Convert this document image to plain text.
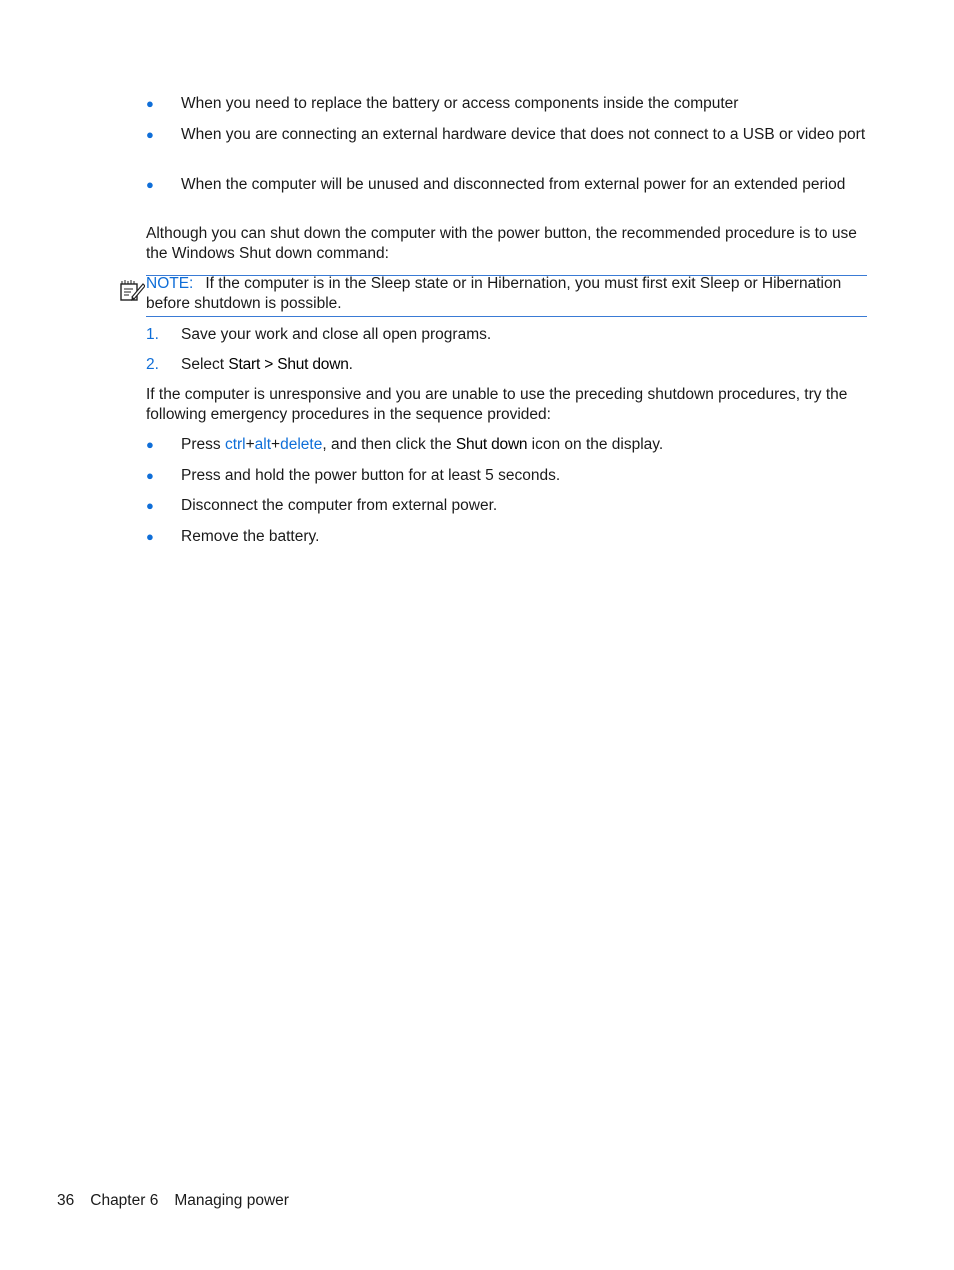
● When you need to replace the battery or access components inside the computer
● When you are connecting an external hardware device that does not connect to a USB or video port
● When the computer will be unused and disconnected from external power for an extended period
Although you can shut down the computer with the power button, the recommended procedure is to use the Windows Shut down command:
NOTE: If the computer is in the Sleep state or in Hibernation, you must first exit Sleep or Hibernation before shutdown is possible.
1. Save your work and close all open programs.
2. Select Start > Shut down.
If the computer is unresponsive and you are unable to use the preceding shutdown procedures, try the following emergency procedures in the sequence provided:
● Press ctrl+alt+delete, and then click the Shut down icon on the display.
● Press and hold the power button for at least 5 seconds.
● Disconnect the computer from external power.
● Remove the battery.
36 Chapter 6 Managing power
